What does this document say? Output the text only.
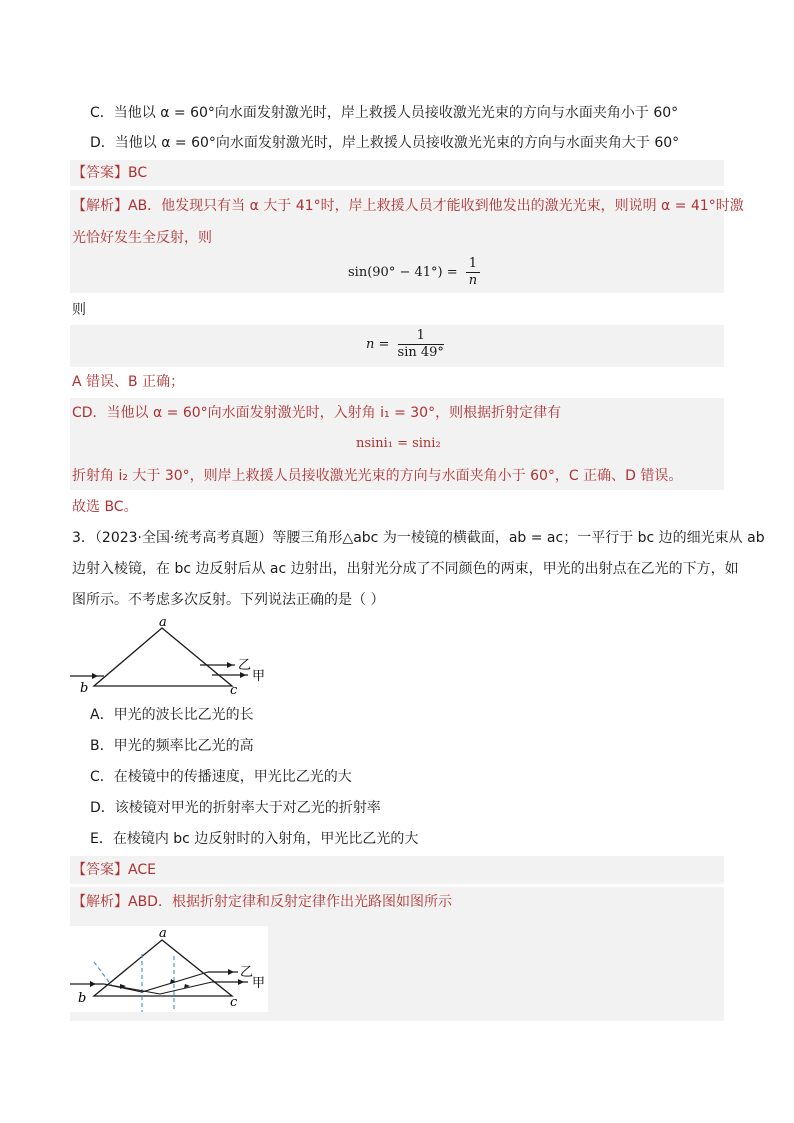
C．当他以 α = 60°向水面发射激光时，岸上救援人员接收激光光束的方向与水面夹角小于 60°
D．当他以 α = 60°向水面发射激光时，岸上救援人员接收激光光束的方向与水面夹角大于 60°
【答案】BC
【解析】AB．他发现只有当 α 大于 41°时，岸上救援人员才能收到他发出的激光光束，则说明 α = 41°时激
光恰好发生全反射，则
$\sin(90^\circ - 41^\circ) = \frac{1}{n}$
则
$n = \frac{1}{\sin 49^\circ}$
A 错误、B 正确；
CD．当他以 α = 60°向水面发射激光时，入射角 i₁ = 30°，则根据折射定律有
nsini₁ = sini₂
折射角 i₂ 大于 30°，则岸上救援人员接收激光光束的方向与水面夹角小于 60°，C 正确、D 错误。
故选 BC。
3．（2023·全国·统考高考真题）等腰三角形△abc 为一棱镜的横截面，ab = ac；一平行于 bc 边的细光束从 ab
边射入棱镜，在 bc 边反射后从 ac 边射出，出射光分成了不同颜色的两束，甲光的出射点在乙光的下方，如
图所示。不考虑多次反射。下列说法正确的是（ ）
a
b	c
乙
甲
A．甲光的波长比乙光的长
B．甲光的频率比乙光的高
C．在棱镜中的传播速度，甲光比乙光的大
D．该棱镜对甲光的折射率大于对乙光的折射率
E．在棱镜内 bc 边反射时的入射角，甲光比乙光的大
【答案】ACE
【解析】ABD．根据折射定律和反射定律作出光路图如图所示
a
b	c
乙
甲
